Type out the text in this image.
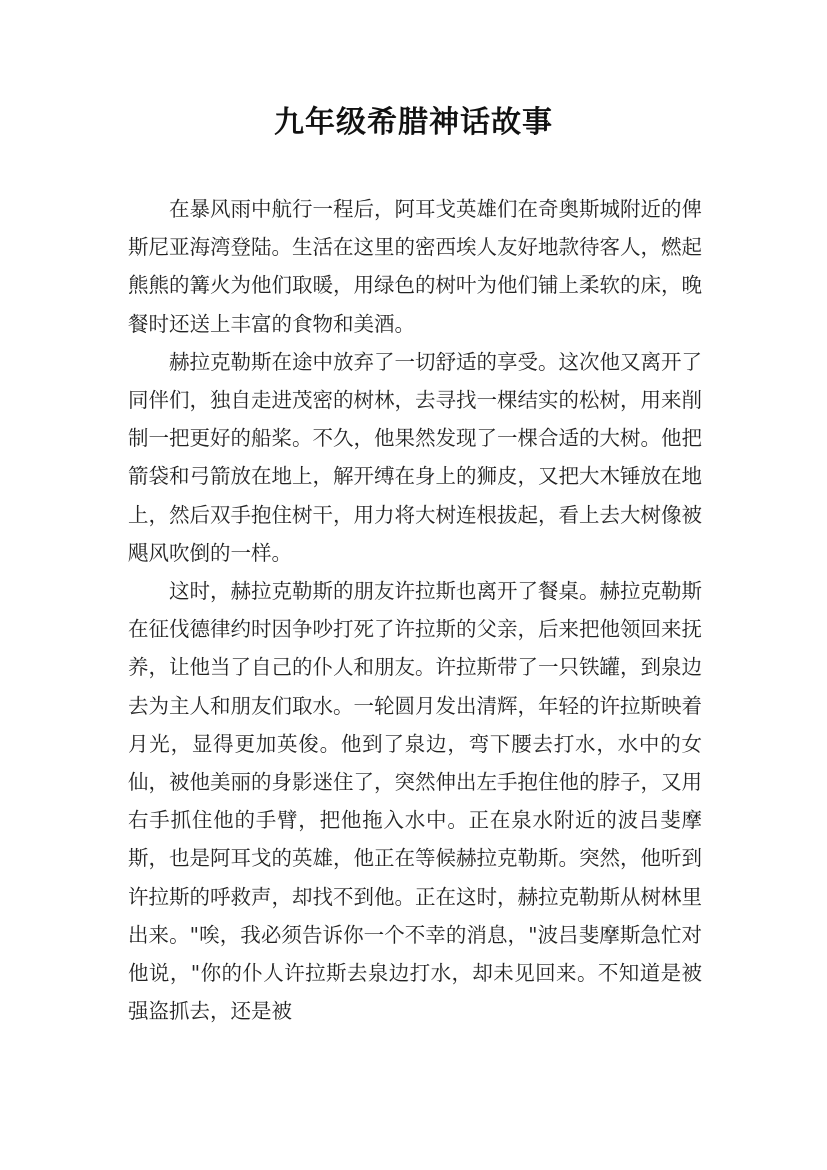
九年级希腊神话故事

在暴风雨中航行一程后，阿耳戈英雄们在奇奥斯城附近的俾斯尼亚海湾登陆。生活在这里的密西埃人友好地款待客人，燃起熊熊的篝火为他们取暖，用绿色的树叶为他们铺上柔软的床，晚餐时还送上丰富的食物和美酒。

赫拉克勒斯在途中放弃了一切舒适的享受。这次他又离开了同伴们，独自走进茂密的树林，去寻找一棵结实的松树，用来削制一把更好的船桨。不久，他果然发现了一棵合适的大树。他把箭袋和弓箭放在地上，解开缚在身上的狮皮，又把大木锤放在地上，然后双手抱住树干，用力将大树连根拔起，看上去大树像被飓风吹倒的一样。

这时，赫拉克勒斯的朋友许拉斯也离开了餐桌。赫拉克勒斯在征伐德律约时因争吵打死了许拉斯的父亲，后来把他领回来抚养，让他当了自己的仆人和朋友。许拉斯带了一只铁罐，到泉边去为主人和朋友们取水。一轮圆月发出清辉，年轻的许拉斯映着月光，显得更加英俊。他到了泉边，弯下腰去打水，水中的女仙，被他美丽的身影迷住了，突然伸出左手抱住他的脖子，又用右手抓住他的手臂，把他拖入水中。正在泉水附近的波吕斐摩斯，也是阿耳戈的英雄，他正在等候赫拉克勒斯。突然，他听到许拉斯的呼救声，却找不到他。正在这时，赫拉克勒斯从树林里出来。"唉，我必须告诉你一个不幸的消息，"波吕斐摩斯急忙对他说，"你的仆人许拉斯去泉边打水，却未见回来。不知道是被强盗抓去，还是被
